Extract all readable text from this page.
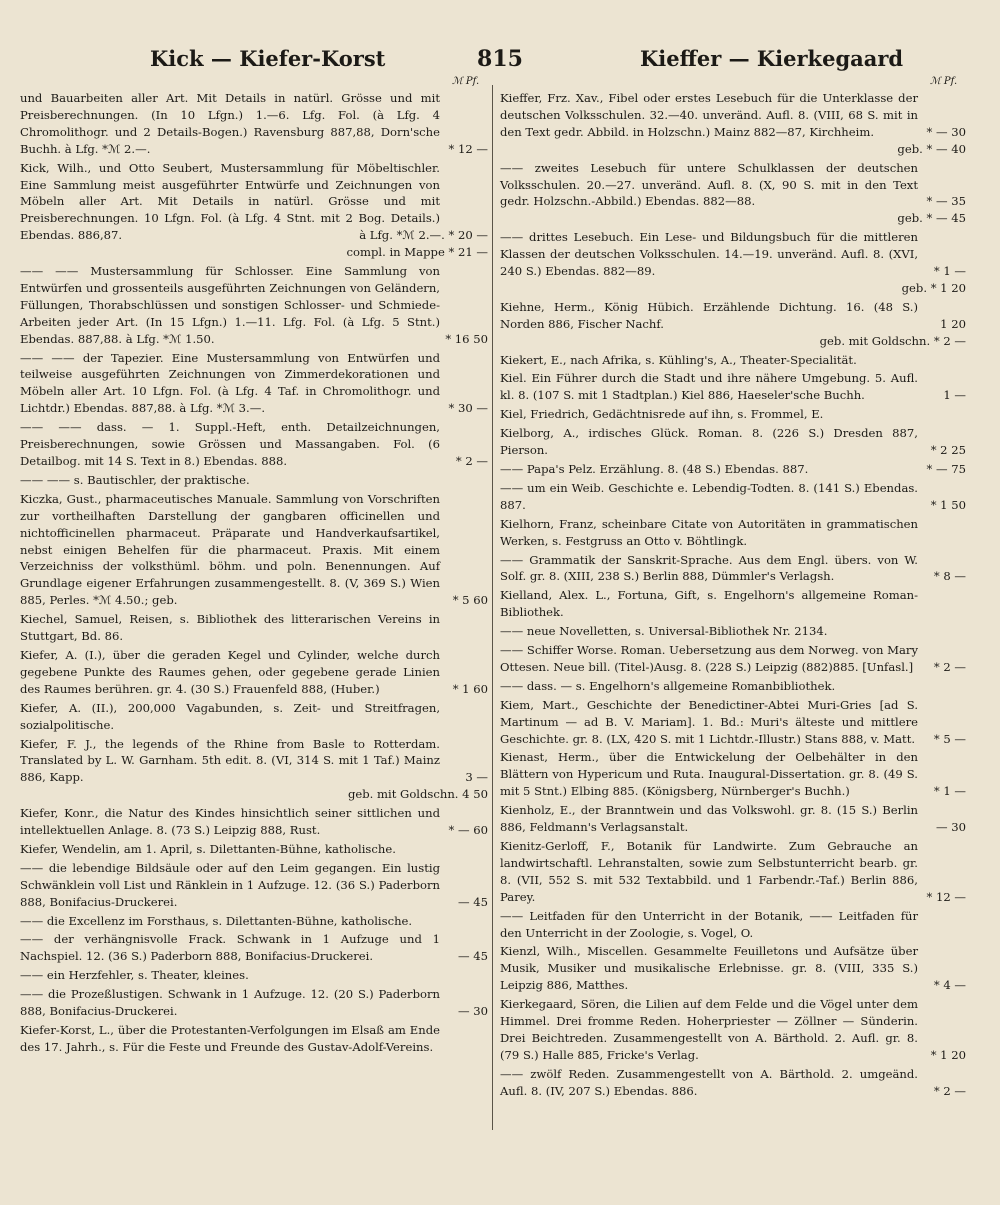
Kick — Kiefer-Korst	815	Kieffer — Kierkegaard
ℳ Pf.	ℳ Pf.
und Bauarbeiten aller Art. Mit Details in natürl. Grösse und mit Preisberechnungen. (In 10 Lfgn.) 1.—6. Lfg. Fol. (à Lfg. 4 Chromolithogr. und 2 Details-Bogen.) Ravensburg 887,88, Dorn'sche Buchh. à Lfg. *ℳ 2.—.	* 12 —
Kick, Wilh., und Otto Seubert, Mustersammlung für Möbeltischler. Eine Sammlung meist ausgeführter Entwürfe und Zeichnungen von Möbeln aller Art. Mit Details in natürl. Grösse und mit Preisberechnungen. 10 Lfgn. Fol. (à Lfg. 4 Stnt. mit 2 Bog. Details.) Ebendas. 886,87.	à Lfg. *ℳ 2.—. * 20 —
compl. in Mappe * 21 —
—— —— Mustersammlung für Schlosser. Eine Sammlung von Entwürfen und grossenteils ausgeführten Zeichnungen von Geländern, Füllungen, Thorabschlüssen und sonstigen Schlosser- und Schmiede-Arbeiten jeder Art. (In 15 Lfgn.) 1.—11. Lfg. Fol. (à Lfg. 5 Stnt.) Ebendas. 887,88. à Lfg. *ℳ 1.50.	* 16 50
—— —— der Tapezier. Eine Mustersammlung von Entwürfen und teilweise ausgeführten Zeichnungen von Zimmerdekorationen und Möbeln aller Art. 10 Lfgn. Fol. (à Lfg. 4 Taf. in Chromolithogr. und Lichtdr.) Ebendas. 887,88. à Lfg. *ℳ 3.—.	* 30 —
—— —— dass. — 1. Suppl.-Heft, enth. Detailzeichnungen, Preisberechnungen, sowie Grössen und Massangaben. Fol. (6 Detailbog. mit 14 S. Text in 8.) Ebendas. 888.	* 2 —
—— —— s. Bautischler, der praktische.
Kiczka, Gust., pharmaceutisches Manuale. Sammlung von Vorschriften zur vortheilhaften Darstellung der gangbaren officinellen und nichtofficinellen pharmaceut. Präparate und Handverkaufsartikel, nebst einigen Behelfen für die pharmaceut. Praxis. Mit einem Verzeichniss der volksthüml. böhm. und poln. Benennungen. Auf Grundlage eigener Erfahrungen zusammengestellt. 8. (V, 369 S.) Wien 885, Perles. *ℳ 4.50.; geb.	* 5 60
Kiechel, Samuel, Reisen, s. Bibliothek des litterarischen Vereins in Stuttgart, Bd. 86.
Kiefer, A. (I.), über die geraden Kegel und Cylinder, welche durch gegebene Punkte des Raumes gehen, oder gegebene gerade Linien des Raumes berühren. gr. 4. (30 S.) Frauenfeld 888, (Huber.)	* 1 60
Kiefer, A. (II.), 200,000 Vagabunden, s. Zeit- und Streitfragen, sozialpolitische.
Kiefer, F. J., the legends of the Rhine from Basle to Rotterdam. Translated by L. W. Garnham. 5th edit. 8. (VI, 314 S. mit 1 Taf.) Mainz 886, Kapp.	3 —
geb. mit Goldschn. 4 50
Kiefer, Konr., die Natur des Kindes hinsichtlich seiner sittlichen und intellektuellen Anlage. 8. (73 S.) Leipzig 888, Rust.	* — 60
Kiefer, Wendelin, am 1. April, s. Dilettanten-Bühne, katholische.
—— die lebendige Bildsäule oder auf den Leim gegangen. Ein lustig Schwänklein voll List und Ränklein in 1 Aufzuge. 12. (36 S.) Paderborn 888, Bonifacius-Druckerei.	— 45
—— die Excellenz im Forsthaus, s. Dilettanten-Bühne, katholische.
—— der verhängnisvolle Frack. Schwank in 1 Aufzuge und 1 Nachspiel. 12. (36 S.) Paderborn 888, Bonifacius-Druckerei.	— 45
—— ein Herzfehler, s. Theater, kleines.
—— die Prozeßlustigen. Schwank in 1 Aufzuge. 12. (20 S.) Paderborn 888, Bonifacius-Druckerei.	— 30
Kiefer-Korst, L., über die Protestanten-Verfolgungen im Elsaß am Ende des 17. Jahrh., s. Für die Feste und Freunde des Gustav-Adolf-Vereins.
Kieffer, Frz. Xav., Fibel oder erstes Lesebuch für die Unterklasse der deutschen Volksschulen. 32.—40. unveränd. Aufl. 8. (VIII, 68 S. mit in den Text gedr. Abbild. in Holzschn.) Mainz 882—87, Kirchheim.	* — 30
geb. * — 40
—— zweites Lesebuch für untere Schulklassen der deutschen Volksschulen. 20.—27. unveränd. Aufl. 8. (X, 90 S. mit in den Text gedr. Holzschn.-Abbild.) Ebendas. 882—88.	* — 35
geb. * — 45
—— drittes Lesebuch. Ein Lese- und Bildungsbuch für die mittleren Klassen der deutschen Volksschulen. 14.—19. unveränd. Aufl. 8. (XVI, 240 S.) Ebendas. 882—89.	* 1 —
geb. * 1 20
Kiehne, Herm., König Hübich. Erzählende Dichtung. 16. (48 S.) Norden 886, Fischer Nachf.	1 20
geb. mit Goldschn. * 2 —
Kiekert, E., nach Afrika, s. Kühling's, A., Theater-Specialität.
Kiel. Ein Führer durch die Stadt und ihre nähere Umgebung. 5. Aufl. kl. 8. (107 S. mit 1 Stadtplan.) Kiel 886, Haeseler'sche Buchh.	1 —
Kiel, Friedrich, Gedächtnisrede auf ihn, s. Frommel, E.
Kielborg, A., irdisches Glück. Roman. 8. (226 S.) Dresden 887, Pierson.	* 2 25
—— Papa's Pelz. Erzählung. 8. (48 S.) Ebendas. 887.	* — 75
—— um ein Weib. Geschichte e. Lebendig-Todten. 8. (141 S.) Ebendas. 887.	* 1 50
Kielhorn, Franz, scheinbare Citate von Autoritäten in grammatischen Werken, s. Festgruss an Otto v. Böhtlingk.
—— Grammatik der Sanskrit-Sprache. Aus dem Engl. übers. von W. Solf. gr. 8. (XIII, 238 S.) Berlin 888, Dümmler's Verlagsh.	* 8 —
Kielland, Alex. L., Fortuna, Gift, s. Engelhorn's allgemeine Roman-Bibliothek.
—— neue Novelletten, s. Universal-Bibliothek Nr. 2134.
—— Schiffer Worse. Roman. Uebersetzung aus dem Norweg. von Mary Ottesen. Neue bill. (Titel-)Ausg. 8. (228 S.) Leipzig (882)885. [Unfasl.]	* 2 —
—— dass. — s. Engelhorn's allgemeine Romanbibliothek.
Kiem, Mart., Geschichte der Benedictiner-Abtei Muri-Gries [ad S. Martinum — ad B. V. Mariam]. 1. Bd.: Muri's älteste und mittlere Geschichte. gr. 8. (LX, 420 S. mit 1 Lichtdr.-Illustr.) Stans 888, v. Matt.	* 5 —
Kienast, Herm., über die Entwickelung der Oelbehälter in den Blättern von Hypericum und Ruta. Inaugural-Dissertation. gr. 8. (49 S. mit 5 Stnt.) Elbing 885. (Königsberg, Nürnberger's Buchh.)	* 1 —
Kienholz, E., der Branntwein und das Volkswohl. gr. 8. (15 S.) Berlin 886, Feldmann's Verlagsanstalt.	— 30
Kienitz-Gerloff, F., Botanik für Landwirte. Zum Gebrauche an landwirtschaftl. Lehranstalten, sowie zum Selbstunterricht bearb. gr. 8. (VII, 552 S. mit 532 Textabbild. und 1 Farbendr.-Taf.) Berlin 886, Parey.	* 12 —
—— Leitfaden für den Unterricht in der Botanik, —— Leitfaden für den Unterricht in der Zoologie, s. Vogel, O.
Kienzl, Wilh., Miscellen. Gesammelte Feuilletons und Aufsätze über Musik, Musiker und musikalische Erlebnisse. gr. 8. (VIII, 335 S.) Leipzig 886, Matthes.	* 4 —
Kierkegaard, Sören, die Lilien auf dem Felde und die Vögel unter dem Himmel. Drei fromme Reden. Hoherpriester — Zöllner — Sünderin. Drei Beichtreden. Zusammengestellt von A. Bärthold. 2. Aufl. gr. 8. (79 S.) Halle 885, Fricke's Verlag.	* 1 20
—— zwölf Reden. Zusammengestellt von A. Bärthold. 2. umgeänd. Aufl. 8. (IV, 207 S.) Ebendas. 886.	* 2 —
